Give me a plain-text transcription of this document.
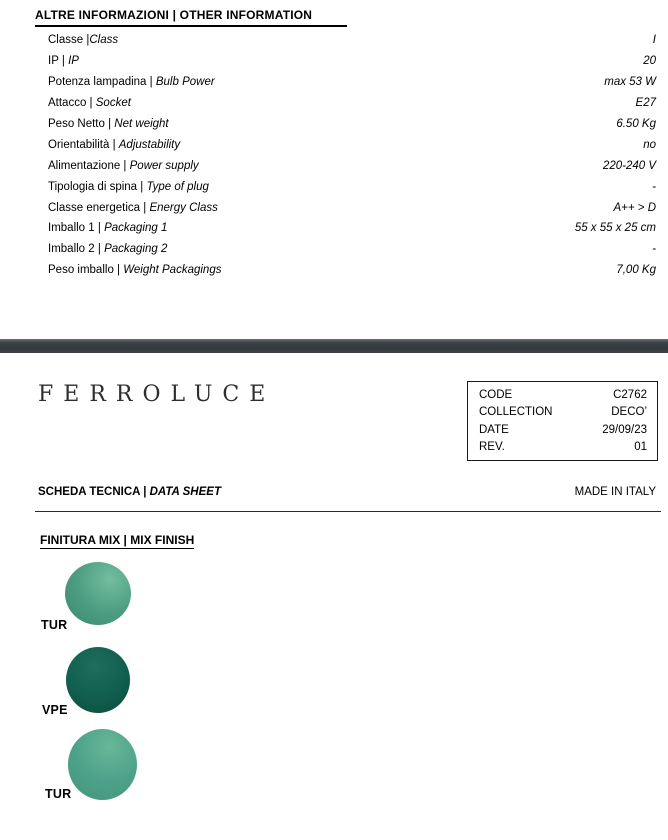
ALTRE INFORMAZIONI | OTHER INFORMATION
Classe |Class	I
IP | IP	20
Potenza lampadina | Bulb Power	max 53 W
Attacco | Socket	E27
Peso Netto | Net weight	6.50 Kg
Orientabilità | Adjustability	no
Alimentazione | Power supply	220-240 V
Tipologia di spina | Type of plug	-
Classe energetica | Energy Class	A++ > D
Imballo 1 | Packaging 1	55 x 55 x 25 cm
Imballo 2 | Packaging 2	-
Peso imballo | Weight Packagings	7,00 Kg
FERROLUCE	CODE	C2762
COLLECTION	DECO’
DATE	29/09/23
REV.	01
SCHEDA TECNICA | DATA SHEET	MADE IN ITALY
FINITURA MIX | MIX FINISH
TUR
VPE
TUR
